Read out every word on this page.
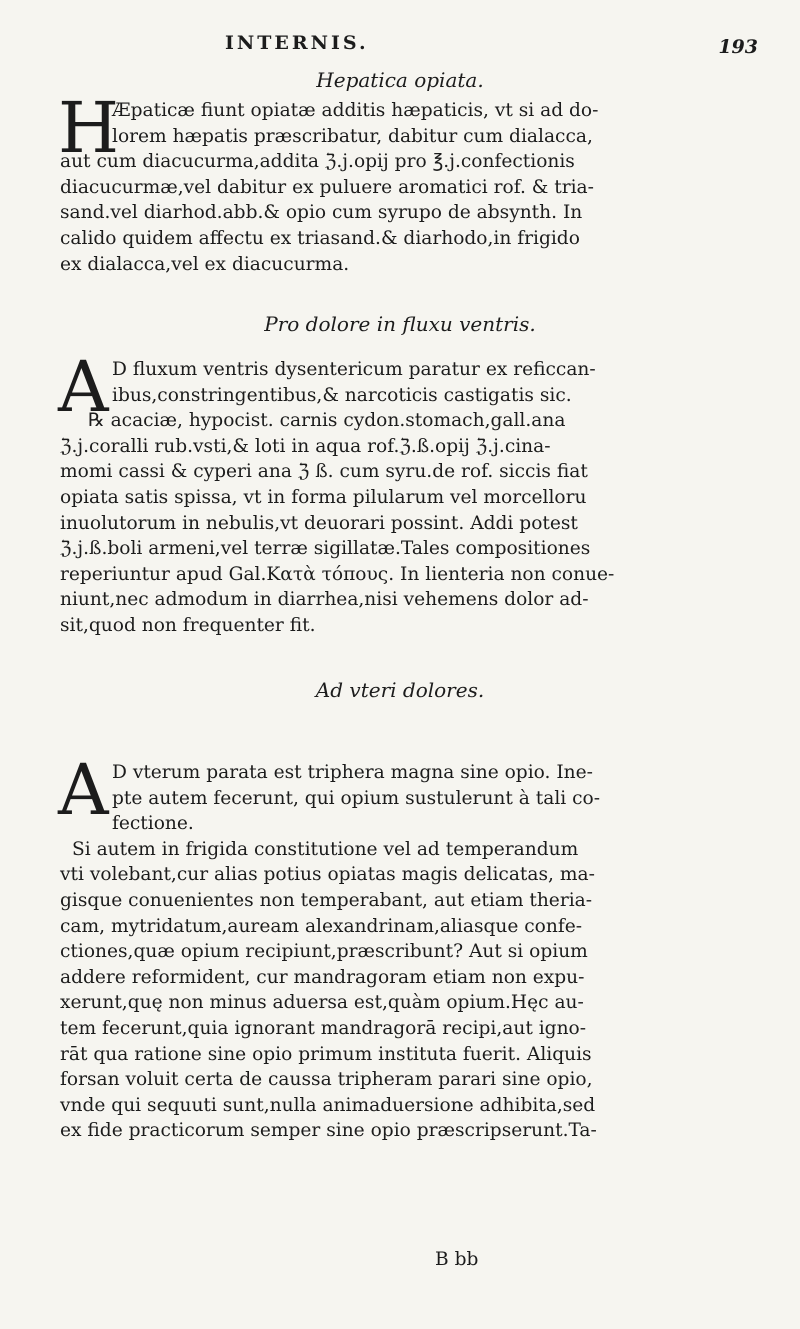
INTERNIS.	193
Hepatica opiata.
H
Æpaticæ fiunt opiatæ additis hæpaticis, vt si ad do-
lorem hæpatis præscribatur, dabitur cum dialacca,
aut cum diacucurma,addita ℨ.j.opij pro ℥.j.confectionis
diacucurmæ,vel dabitur ex puluere aromatici rof. & tria-
sand.vel diarhod.abb.& opio cum syrupo de absynth. In
calido quidem affectu ex triasand.& diarhodo,in frigido
ex dialacca,vel ex diacucurma.
Pro dolore in fluxu ventris.
A D fluxum ventris dysentericum paratur ex reficcan-
ibus,constringentibus,& narcoticis castigatis sic.
℞ acaciæ, hypocist. carnis cydon.stomach,gall.ana
ℨ.j.coralli rub.vsti,& loti in aqua rof.ℨ.ß.opij ℨ.j.cina-
momi cassi & cyperi ana ℨ ß. cum syru.de rof. siccis fiat
opiata satis spissa, vt in forma pilularum vel morcelloru
inuolutorum in nebulis,vt deuorari possint. Addi potest
ℨ.j.ß.boli armeni,vel terræ sigillatæ.Tales compositiones
reperiuntur apud Gal.Kατὰ τόπους. In lienteria non conue-
niunt,nec admodum in diarrhea,nisi vehemens dolor ad-
sit,quod non frequenter fit.
Ad vteri dolores.
A D vterum parata est triphera magna sine opio. Ine-
pte autem fecerunt, qui opium sustulerunt à tali co-
fectione.
Si autem in frigida constitutione vel ad temperandum
vti volebant,cur alias potius opiatas magis delicatas, ma-
gisque conuenientes non temperabant, aut etiam theria-
cam, mytridatum,auream alexandrinam,aliasque confe-
ctiones,quæ opium recipiunt,præscribunt? Aut si opium
addere reformident, cur mandragoram etiam non expu-
xerunt,quę non minus aduersa est,quàm opium.Hęc au-
tem fecerunt,quia ignorant mandragorā recipi,aut igno-
rāt qua ratione sine opio primum instituta fuerit. Aliquis
forsan voluit certa de caussa tripheram parari sine opio,
vnde qui sequuti sunt,nulla animaduersione adhibita,sed
ex fide practicorum semper sine opio præscripserunt.Ta-
B bb
